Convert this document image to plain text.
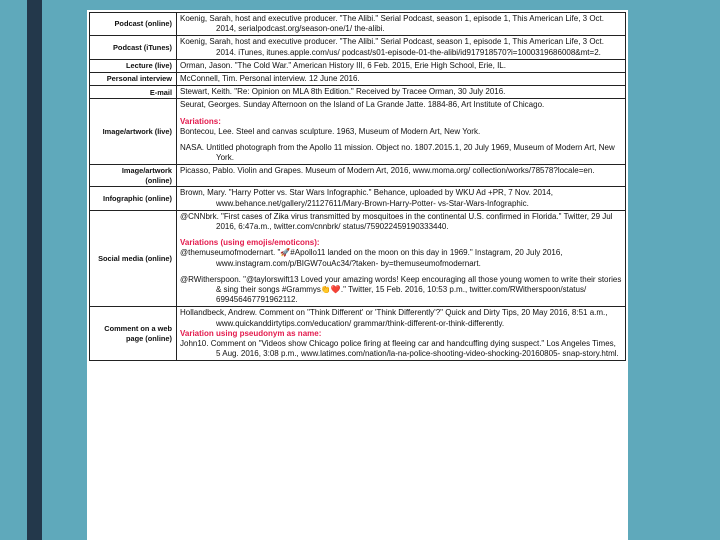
Podcast (online)	Koenig, Sarah, host and executive producer. "The Alibi." Serial Podcast, season 1, episode 1, This American Life, 3 Oct. 2014, serialpodcast.org/season-one/1/ the-alibi.

Podcast (iTunes)	Koenig, Sarah, host and executive producer. "The Alibi." Serial Podcast, season 1, episode 1, This American Life, 3 Oct. 2014. iTunes, itunes.apple.com/us/ podcast/s01-episode-01-the-alibi/id917918570?i=1000319686008&mt=2.

Lecture (live)	Orman, Jason. "The Cold War." American History III, 6 Feb. 2015, Erie High School, Erie, IL.

Personal interview	McConnell, Tim. Personal interview. 12 June 2016.

E-mail	Stewart, Keith. "Re: Opinion on MLA 8th Edition." Received by Tracee Orman, 30 July 2016.

Image/artwork (live)	Seurat, Georges. Sunday Afternoon on the Island of La Grande Jatte. 1884-86, Art Institute of Chicago.
Variations:
Bontecou, Lee. Steel and canvas sculpture. 1963, Museum of Modern Art, New York.
NASA. Untitled photograph from the Apollo 11 mission. Object no. 1807.2015.1, 20 July 1969, Museum of Modern Art, New York.

Image/artwork (online)	Picasso, Pablo. Violin and Grapes. Museum of Modern Art, 2016, www.moma.org/ collection/works/78578?locale=en.

Infographic (online)	Brown, Mary. "Harry Potter vs. Star Wars Infographic." Behance, uploaded by WKU Ad +PR, 7 Nov. 2014, www.behance.net/gallery/21127611/Mary-Brown-Harry-Potter- vs-Star-Wars-Infographic.

Social media (online)	@CNNbrk. "First cases of Zika virus transmitted by mosquitoes in the continental U.S. confirmed in Florida." Twitter, 29 Jul 2016, 6:47a.m., twitter.com/cnnbrk/ status/759022459190333440.
Variations (using emojis/emoticons):
@themuseumofmodernart. "🚀#Apollo11 landed on the moon on this day in 1969." Instagram, 20 July 2016, www.instagram.com/p/BIGW7ouAc34/?taken- by=themuseumofmodernart.
@RWitherspoon. "@taylorswift13 Loved your amazing words! Keep encouraging all those young women to write their stories & sing their songs #Grammys👏❤️." Twitter, 15 Feb. 2016, 10:53 p.m., twitter.com/RWitherspoon/status/ 699456467791962112.

Comment on a web page (online)	Hollandbeck, Andrew. Comment on "Think Different' or 'Think Differently'?" Quick and Dirty Tips, 20 May 2016, 8:51 a.m., www.quickanddirtytips.com/education/ grammar/think-different-or-think-differently.
Variation using pseudonym as name:
John10. Comment on "Videos show Chicago police firing at fleeing car and handcuffing dying suspect." Los Angeles Times, 5 Aug. 2016, 3:08 p.m., www.latimes.com/nation/la-na-police-shooting-video-shocking-20160805- snap-story.html.
